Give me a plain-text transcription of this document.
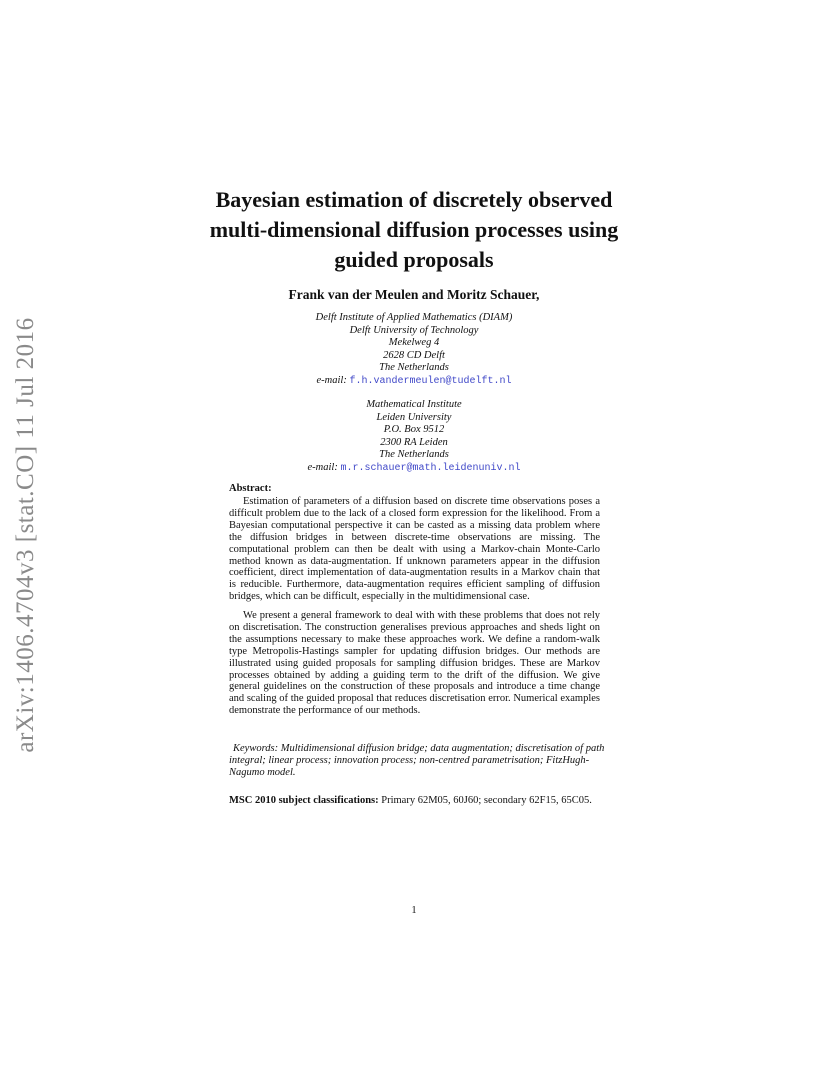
arXiv:1406.4704v3 [stat.CO] 11 Jul 2016
Bayesian estimation of discretely observed
multi-dimensional diffusion processes using
guided proposals
Frank van der Meulen and Moritz Schauer,
Delft Institute of Applied Mathematics (DIAM)
Delft University of Technology
Mekelweg 4
2628 CD Delft
The Netherlands
e-mail: f.h.vandermeulen@tudelft.nl
Mathematical Institute
Leiden University
P.O. Box 9512
2300 RA Leiden
The Netherlands
e-mail: m.r.schauer@math.leidenuniv.nl
Abstract:

Estimation of parameters of a diffusion based on discrete time observations poses a difficult problem due to the lack of a closed form expression for the likelihood. From a Bayesian computational perspective it can be casted as a missing data problem where the diffusion bridges in between discrete-time observations are missing. The computational problem can then be dealt with using a Markov-chain Monte-Carlo method known as data-augmentation. If unknown parameters appear in the diffusion coefficient, direct implementation of data-augmentation results in a Markov chain that is reducible. Furthermore, data-augmentation requires efficient sampling of diffusion bridges, which can be difficult, especially in the multidimensional case.

We present a general framework to deal with with these problems that does not rely on discretisation. The construction generalises previous approaches and sheds light on the assumptions necessary to make these approaches work. We define a random-walk type Metropolis-Hastings sampler for updating diffusion bridges. Our methods are illustrated using guided proposals for sampling diffusion bridges. These are Markov processes obtained by adding a guiding term to the drift of the diffusion. We give general guidelines on the construction of these proposals and introduce a time change and scaling of the guided proposal that reduces discretisation error. Numerical examples demonstrate the performance of our methods.

Keywords: Multidimensional diffusion bridge; data augmentation; discretisation of path integral; linear process; innovation process; non-centred parametrisation; FitzHugh-Nagumo model.

MSC 2010 subject classifications: Primary 62M05, 60J60; secondary 62F15, 65C05.
1
